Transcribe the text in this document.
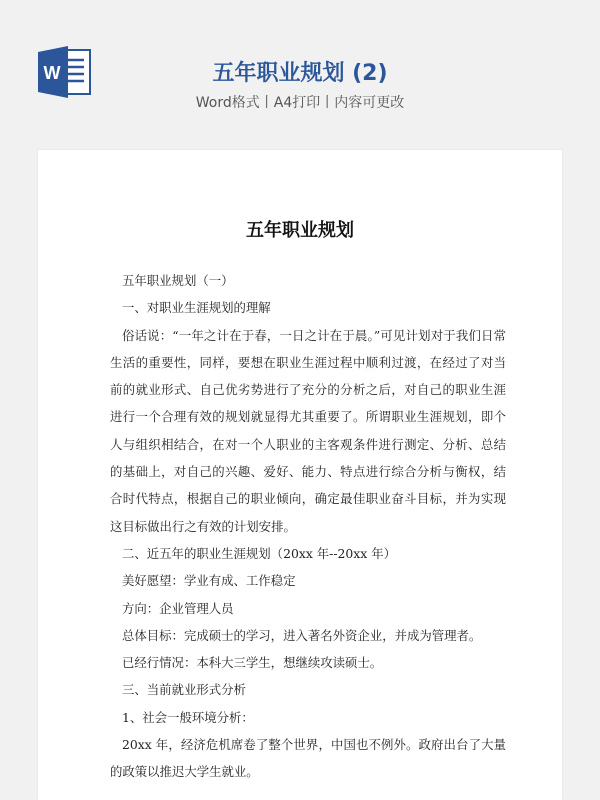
W	五年职业规划 (2)
Word格式丨A4打印丨内容可更改
五年职业规划

五年职业规划（一）

一、对职业生涯规划的理解

俗话说：“一年之计在于春，一日之计在于晨。”可见计划对于我们日常生活的重要性，同样，要想在职业生涯过程中顺利过渡，在经过了对当前的就业形式、自己优劣势进行了充分的分析之后，对自己的职业生涯进行一个合理有效的规划就显得尤其重要了。所谓职业生涯规划，即个人与组织相结合，在对一个人职业的主客观条件进行测定、分析、总结的基础上，对自己的兴趣、爱好、能力、特点进行综合分析与衡权，结合时代特点，根据自己的职业倾向，确定最佳职业奋斗目标，并为实现这目标做出行之有效的计划安排。

二、近五年的职业生涯规划（20xx 年--20xx 年）

美好愿望：学业有成、工作稳定

方向：企业管理人员

总体目标：完成硕士的学习，进入著名外资企业，并成为管理者。

已经行情况：本科大三学生，想继续攻读硕士。

三、当前就业形式分析

1、社会一般环境分析：

20xx 年，经济危机席卷了整个世界，中国也不例外。政府出台了大量的政策以推迟大学生就业。
